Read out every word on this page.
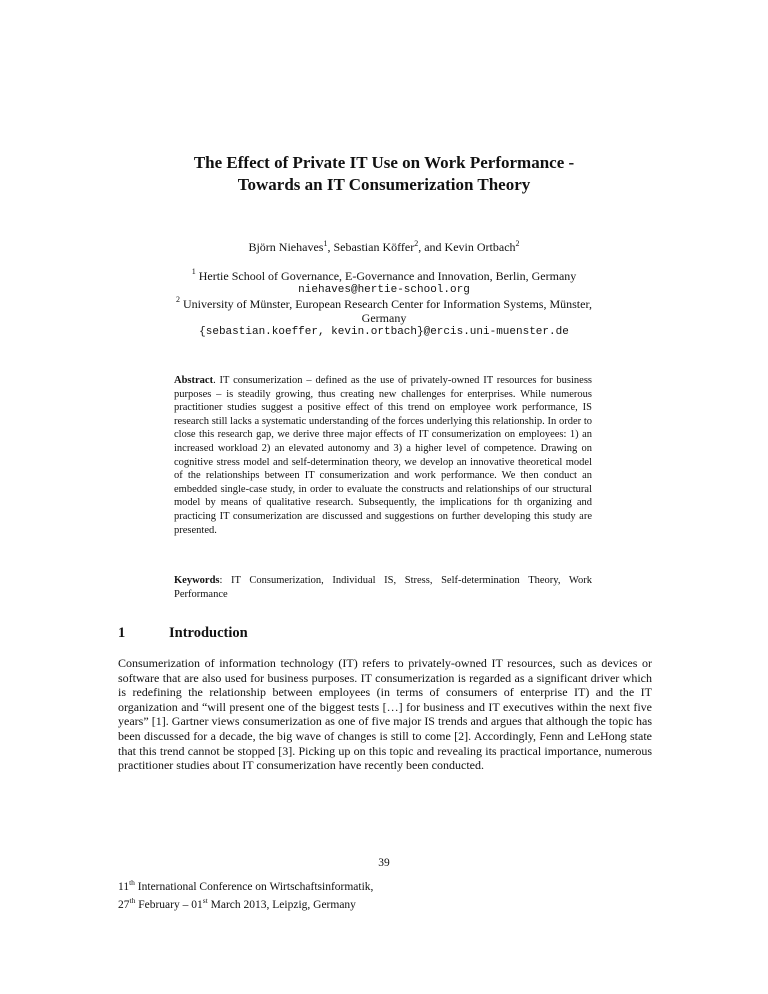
The Effect of Private IT Use on Work Performance -
Towards an IT Consumerization Theory
Björn Niehaves$^1$, Sebastian Köffer$^2$, and Kevin Ortbach$^2$
$^1$ Hertie School of Governance, E-Governance and Innovation, Berlin, Germany
niehaves@hertie-school.org
$^2$ University of Münster, European Research Center for Information Systems, Münster,
Germany
{sebastian.koeffer, kevin.ortbach}@ercis.uni-muenster.de
Abstract. IT consumerization – defined as the use of privately-owned IT resources for business purposes – is steadily growing, thus creating new challenges for enterprises. While numerous practitioner studies suggest a positive effect of this trend on employee work performance, IS research still lacks a systematic understanding of the forces underlying this relationship. In order to close this research gap, we derive three major effects of IT consumerization on employees: 1) an increased workload 2) an elevated autonomy and 3) a higher level of competence. Drawing on cognitive stress model and self-determination theory, we develop an innovative theoretical model of the relationships between IT consumerization and work performance. We then conduct an embedded single-case study, in order to evaluate the constructs and relationships of our structural model by means of qualitative research. Subsequently, the implications for th organizing and practicing IT consumerization are discussed and suggestions on further developing this study are presented.
Keywords: IT Consumerization, Individual IS, Stress, Self-determination Theory, Work Performance
1	Introduction
Consumerization of information technology (IT) refers to privately-owned IT resources, such as devices or software that are also used for business purposes. IT consumerization is regarded as a significant driver which is redefining the relationship between employees (in terms of consumers of enterprise IT) and the IT organization and “will present one of the biggest tests […] for business and IT executives within the next five years” [1]. Gartner views consumerization as one of five major IS trends and argues that although the topic has been discussed for a decade, the big wave of changes is still to come [2]. Accordingly, Fenn and LeHong state that this trend cannot be stopped [3]. Picking up on this topic and revealing its practical importance, numerous practitioner studies about IT consumerization have recently been conducted.
39
11th International Conference on Wirtschaftsinformatik,
27th February – 01st March 2013, Leipzig, Germany
